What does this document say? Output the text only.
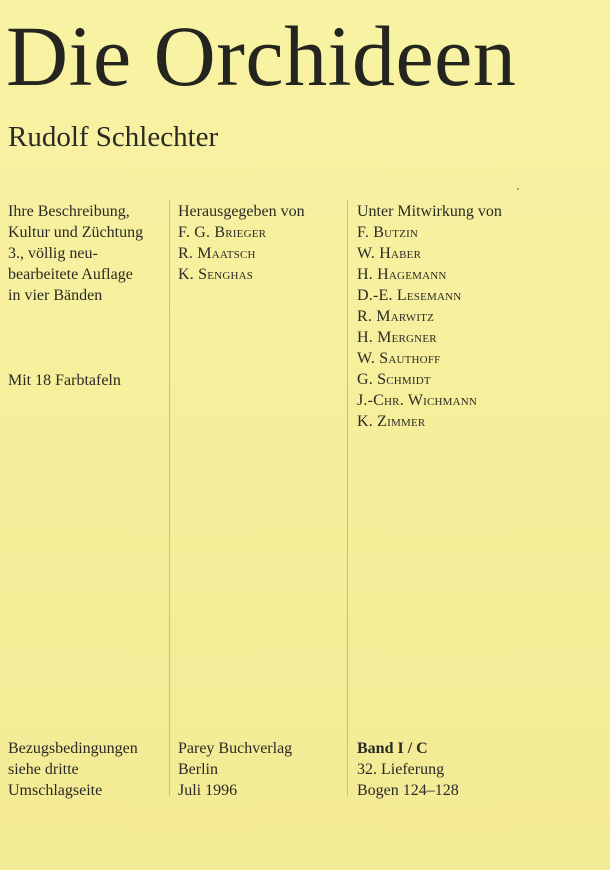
Die Orchideen
Rudolf Schlechter
Ihre Beschreibung,
Kultur und Züchtung
3., völlig neu-
bearbeitete Auflage
in vier Bänden
Mit 18 Farbtafeln
Herausgegeben von
F. G. Brieger
R. Maatsch
K. Senghas
Unter Mitwirkung von
F. Butzin
W. Haber
H. Hagemann
D.-E. Lesemann
R. Marwitz
H. Mergner
W. Sauthoff
G. Schmidt
J.-Chr. Wichmann
K. Zimmer
Bezugsbedingungen
siehe dritte
Umschlagseite
Parey Buchverlag
Berlin
Juli 1996
Band I / C
32. Lieferung
Bogen 124–128
